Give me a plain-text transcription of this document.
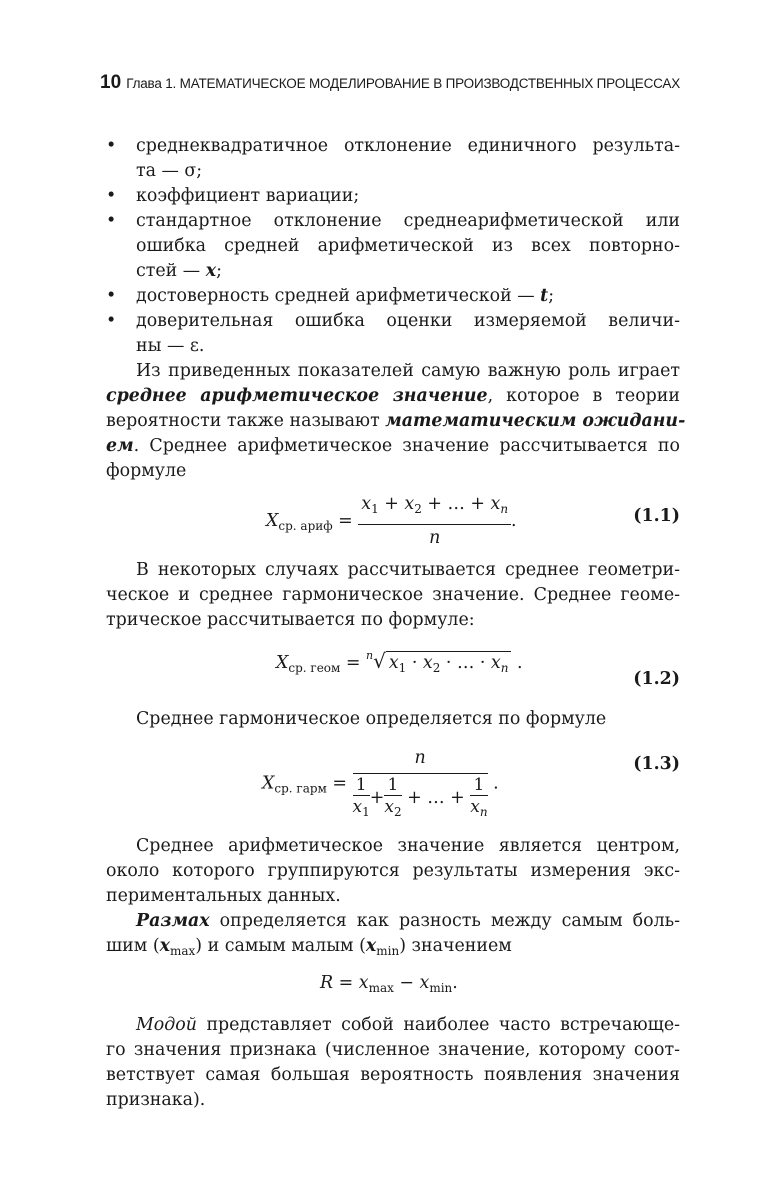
10 Глава 1. МАТЕМАТИЧЕСКОЕ МОДЕЛИРОВАНИЕ В ПРОИЗВОДСТВЕННЫХ ПРОЦЕССАХ
• среднеквадратичное отклонение единичного результа-
та — σ;
• коэффициент вариации;
• стандартное отклонение среднеарифметической или
ошибка средней арифметической из всех повторно-
стей — x;
• достоверность средней арифметической — t;
• доверительная ошибка оценки измеряемой величи-
ны — ε.
Из приведенных показателей самую важную роль играет
среднее арифметическое значение, которое в теории
вероятности также называют математическим ожидани-
ем. Среднее арифметическое значение рассчитывается по
формуле
$X_{ср. ариф} = \frac{x_1 + x_2 + \dots + x_n}{n}$ .	(1.1)
В некоторых случаях рассчитывается среднее геометри-
ческое и среднее гармоническое значение. Среднее геоме-
трическое рассчитывается по формуле:
$X_{ср. геом} = ^n√$ $x_1 \cdot x_2$ · … · $x_n$ .
(1.2)
Среднее гармоническое определяется по формуле
$X_{ср. гарм} = \frac{n}{\frac{1}{x_1} + \frac{1}{x_2} + \dots + \frac{1}{x_n}}$ .
(1.3)
Среднее арифметическое значение является центром,
около которого группируются результаты измерения экс-
периментальных данных.
Размах определяется как разность между самым боль-
шим $(x_{max})$ и самым малым $(x_{min})$ значением
$R = x_{max} - x_{min}$.
Модой представляет собой наиболее часто встречающе-
го значения признака (численное значение, которому соот-
ветствует самая большая вероятность появления значения
признака).
